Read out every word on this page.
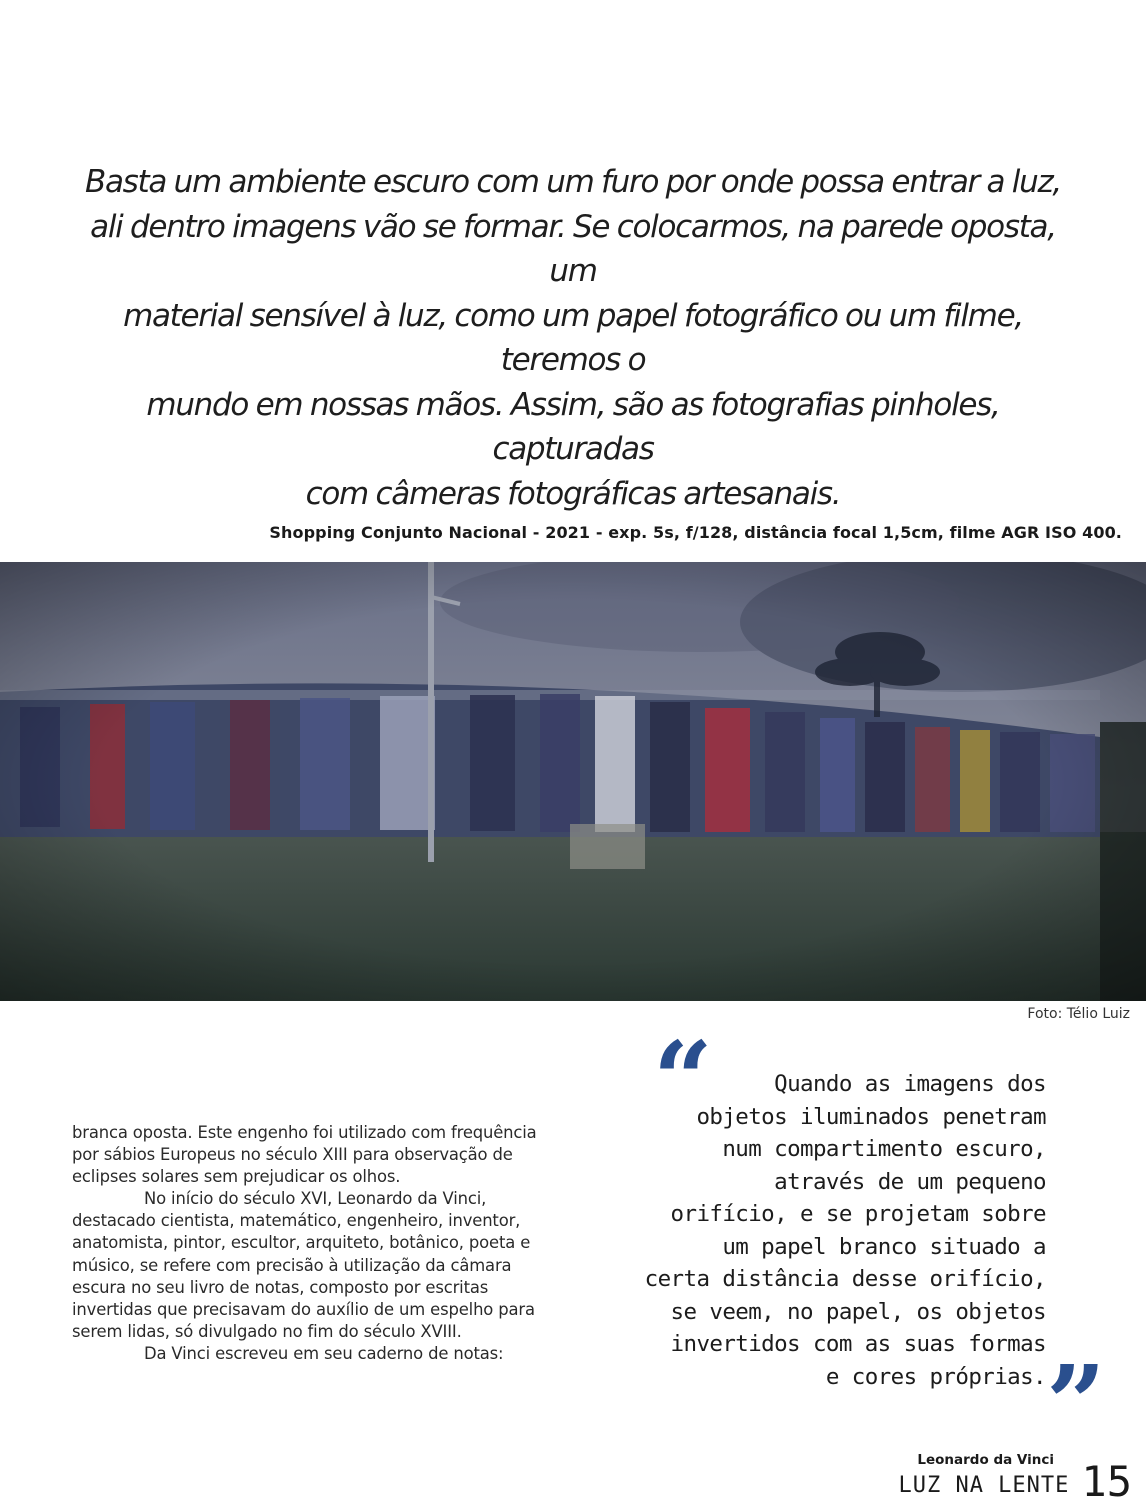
Basta um ambiente escuro com um furo por onde possa entrar a luz,
ali dentro imagens vão se formar. Se colocarmos, na parede oposta, um
material sensível à luz, como um papel fotográfico ou um filme, teremos o
mundo em nossas mãos. Assim, são as fotografias pinholes, capturadas
com câmeras fotográficas artesanais.
Shopping Conjunto Nacional - 2021 - exp. 5s, f/128, distância focal 1,5cm, filme AGR ISO 400.
Foto: Télio Luiz

branca oposta. Este engenho foi utilizado com frequência por sábios Europeus no século XIII para observação de eclipses solares sem prejudicar os olhos.

No início do século XVI, Leonardo da Vinci, destacado cientista, matemático, engenheiro, inventor, anatomista, pintor, escultor, arquiteto, botânico, poeta e músico, se refere com precisão à utilização da câmara escura no seu livro de notas, composto por escritas invertidas que precisavam do auxílio de um espelho para serem lidas, só divulgado no fim do século XVIII.

Da Vinci escreveu em seu caderno de notas:

“	Quando as imagens dos
objetos iluminados penetram
num compartimento escuro,
através de um pequeno
orifício, e se projetam sobre
um papel branco situado a
certa distância desse orifício,
se veem, no papel, os objetos
invertidos com as suas formas
e cores próprias. ”
Leonardo da Vinci
LUZ NA LENTE 15
